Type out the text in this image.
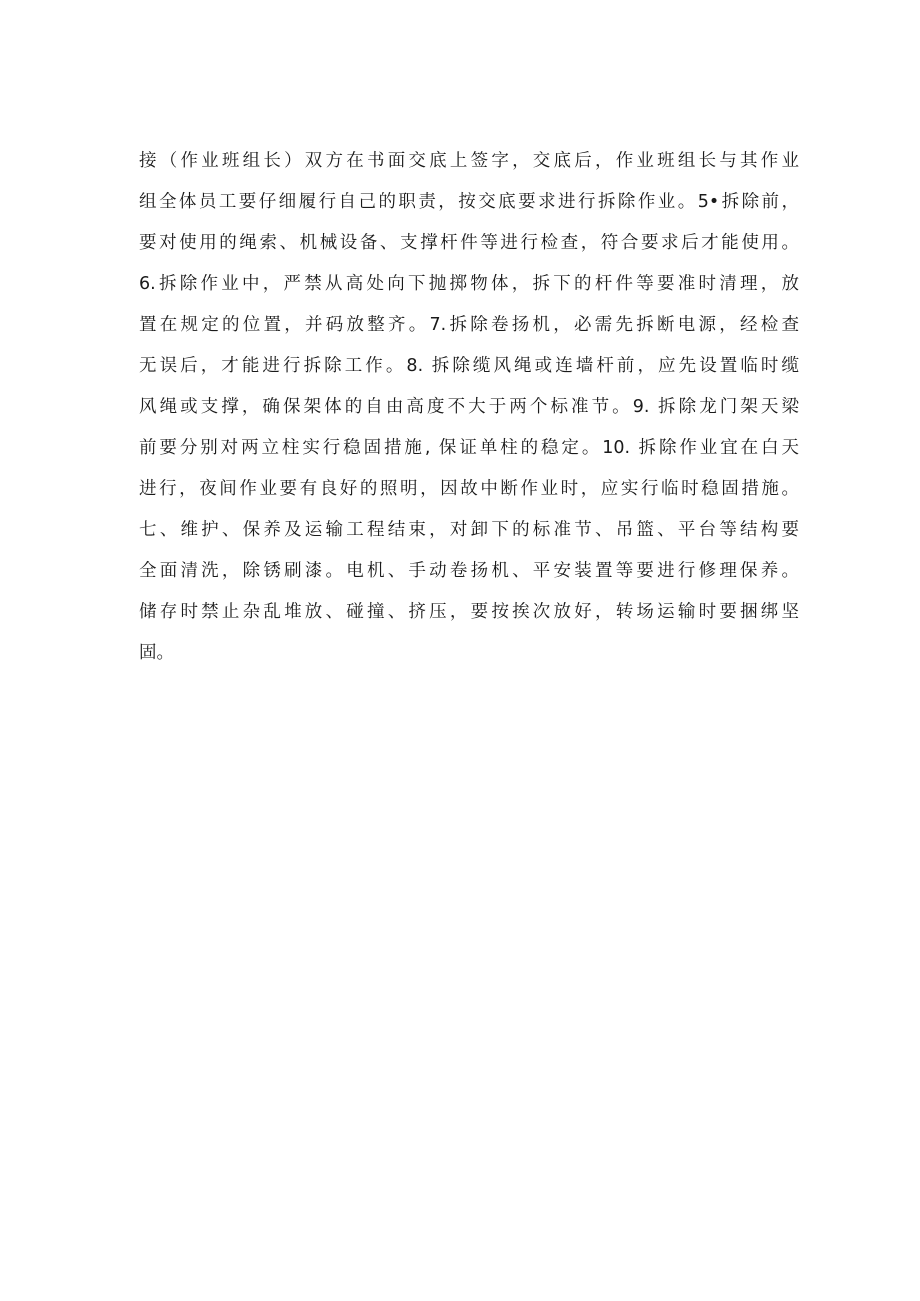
接（作业班组长）双方在书面交底上签字，交底后，作业班组长与其作业
组全体员工要仔细履行自己的职责，按交底要求进行拆除作业。5•拆除前，
要对使用的绳索、机械设备、支撑杆件等进行检查，符合要求后才能使用。
6.拆除作业中，严禁从高处向下抛掷物体，拆下的杆件等要准时清理，放
置在规定的位置，并码放整齐。7.拆除卷扬机，必需先拆断电源，经检查
无误后，才能进行拆除工作。8. 拆除缆风绳或连墙杆前，应先设置临时缆
风绳或支撑，确保架体的自由高度不大于两个标准节。9. 拆除龙门架天梁
前要分别对两立柱实行稳固措施, 保证单柱的稳定。10. 拆除作业宜在白天
进行，夜间作业要有良好的照明，因故中断作业时，应实行临时稳固措施。
七、维护、保养及运输工程结束，对卸下的标准节、吊篮、平台等结构要
全面清洗，除锈刷漆。电机、手动卷扬机、平安装置等要进行修理保养。
储存时禁止杂乱堆放、碰撞、挤压，要按挨次放好，转场运输时要捆绑坚
固。
